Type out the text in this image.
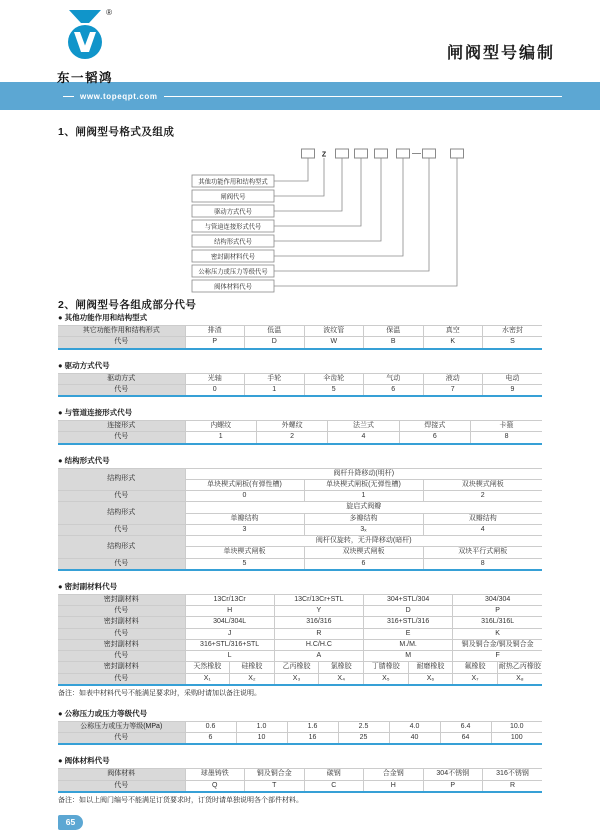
®
东一韬鸿
闸阀型号编制
www.topeqpt.com
1、闸阀型号格式及组成
Z
其他功能作用和结构型式
闸阀代号
驱动方式代号
与管道连接形式代号
结构形式代号
密封副材料代号
公称压力或压力等级代号
阀体材料代号
2、闸阀型号各组成部分代号
● 其他功能作用和结构型式
其它功能作用和结构形式	排渣	低温	波纹管	保温	真空	水密封
代号	P	D	W	B	K	S
● 驱动方式代号
驱动方式	光轴	手轮	伞齿轮	气动	液动	电动
代号	0	1	5	6	7	9
● 与管道连接形式代号
连接形式	内螺纹	外螺纹	法兰式	焊接式	卡箍
代号	1	2	4	6	8
● 结构形式代号
结构形式	阀杆升降移动(明杆)		
	单块楔式闸板(有弹性槽)	单块楔式闸板(无弹性槽)	双块楔式闸板
代号	0	1	2
结构形式	旋启式阀瓣		
	单瓣结构	多瓣结构	双瓣结构
代号	3	3ₓ	4
结构形式	阀杆仅旋转，无升降移动(暗杆)		
	单块楔式闸板	双块楔式闸板	双块平行式闸板
代号	5	6	8
● 密封副材料代号
密封副材料	13Cr/13Cr		13Cr/13Cr+STL		304+STL/304		304/304	
代号	H		Y		D		P	
密封副材料	304L/304L		316/316		316+STL/316		316L/316L	
代号	J		R		E		K	
密封副材料	316+STL/316+STL		H.C/H.C		M./M.		铜及铜合金/铜及铜合金	
代号	L		A		M		F	
密封副材料	天然橡胶	硅橡胶	乙丙橡胶	氯橡胶	丁腈橡胶	耐磨橡胶	氟橡胶	耐热乙丙橡胶
代号	X₁	X₂	X₃	X₄	X₅	X₆	X₇	X₈
备注：如表中材料代号不能满足要求时，采购时请加以备注说明。
● 公称压力或压力等级代号
公称压力或压力等级(MPa)	0.6	1.0	1.6	2.5	4.0	6.4	10.0
代号	6	10	16	25	40	64	100
● 阀体材料代号
阀体材料	球墨铸铁	铜及铜合金	碳钢	合金钢	304不锈钢	316不锈钢
代号	Q	T	C	H	P	R
备注：如以上阀门编号不能满足订货要求时，订货时请单独说明各个部件材料。
65
